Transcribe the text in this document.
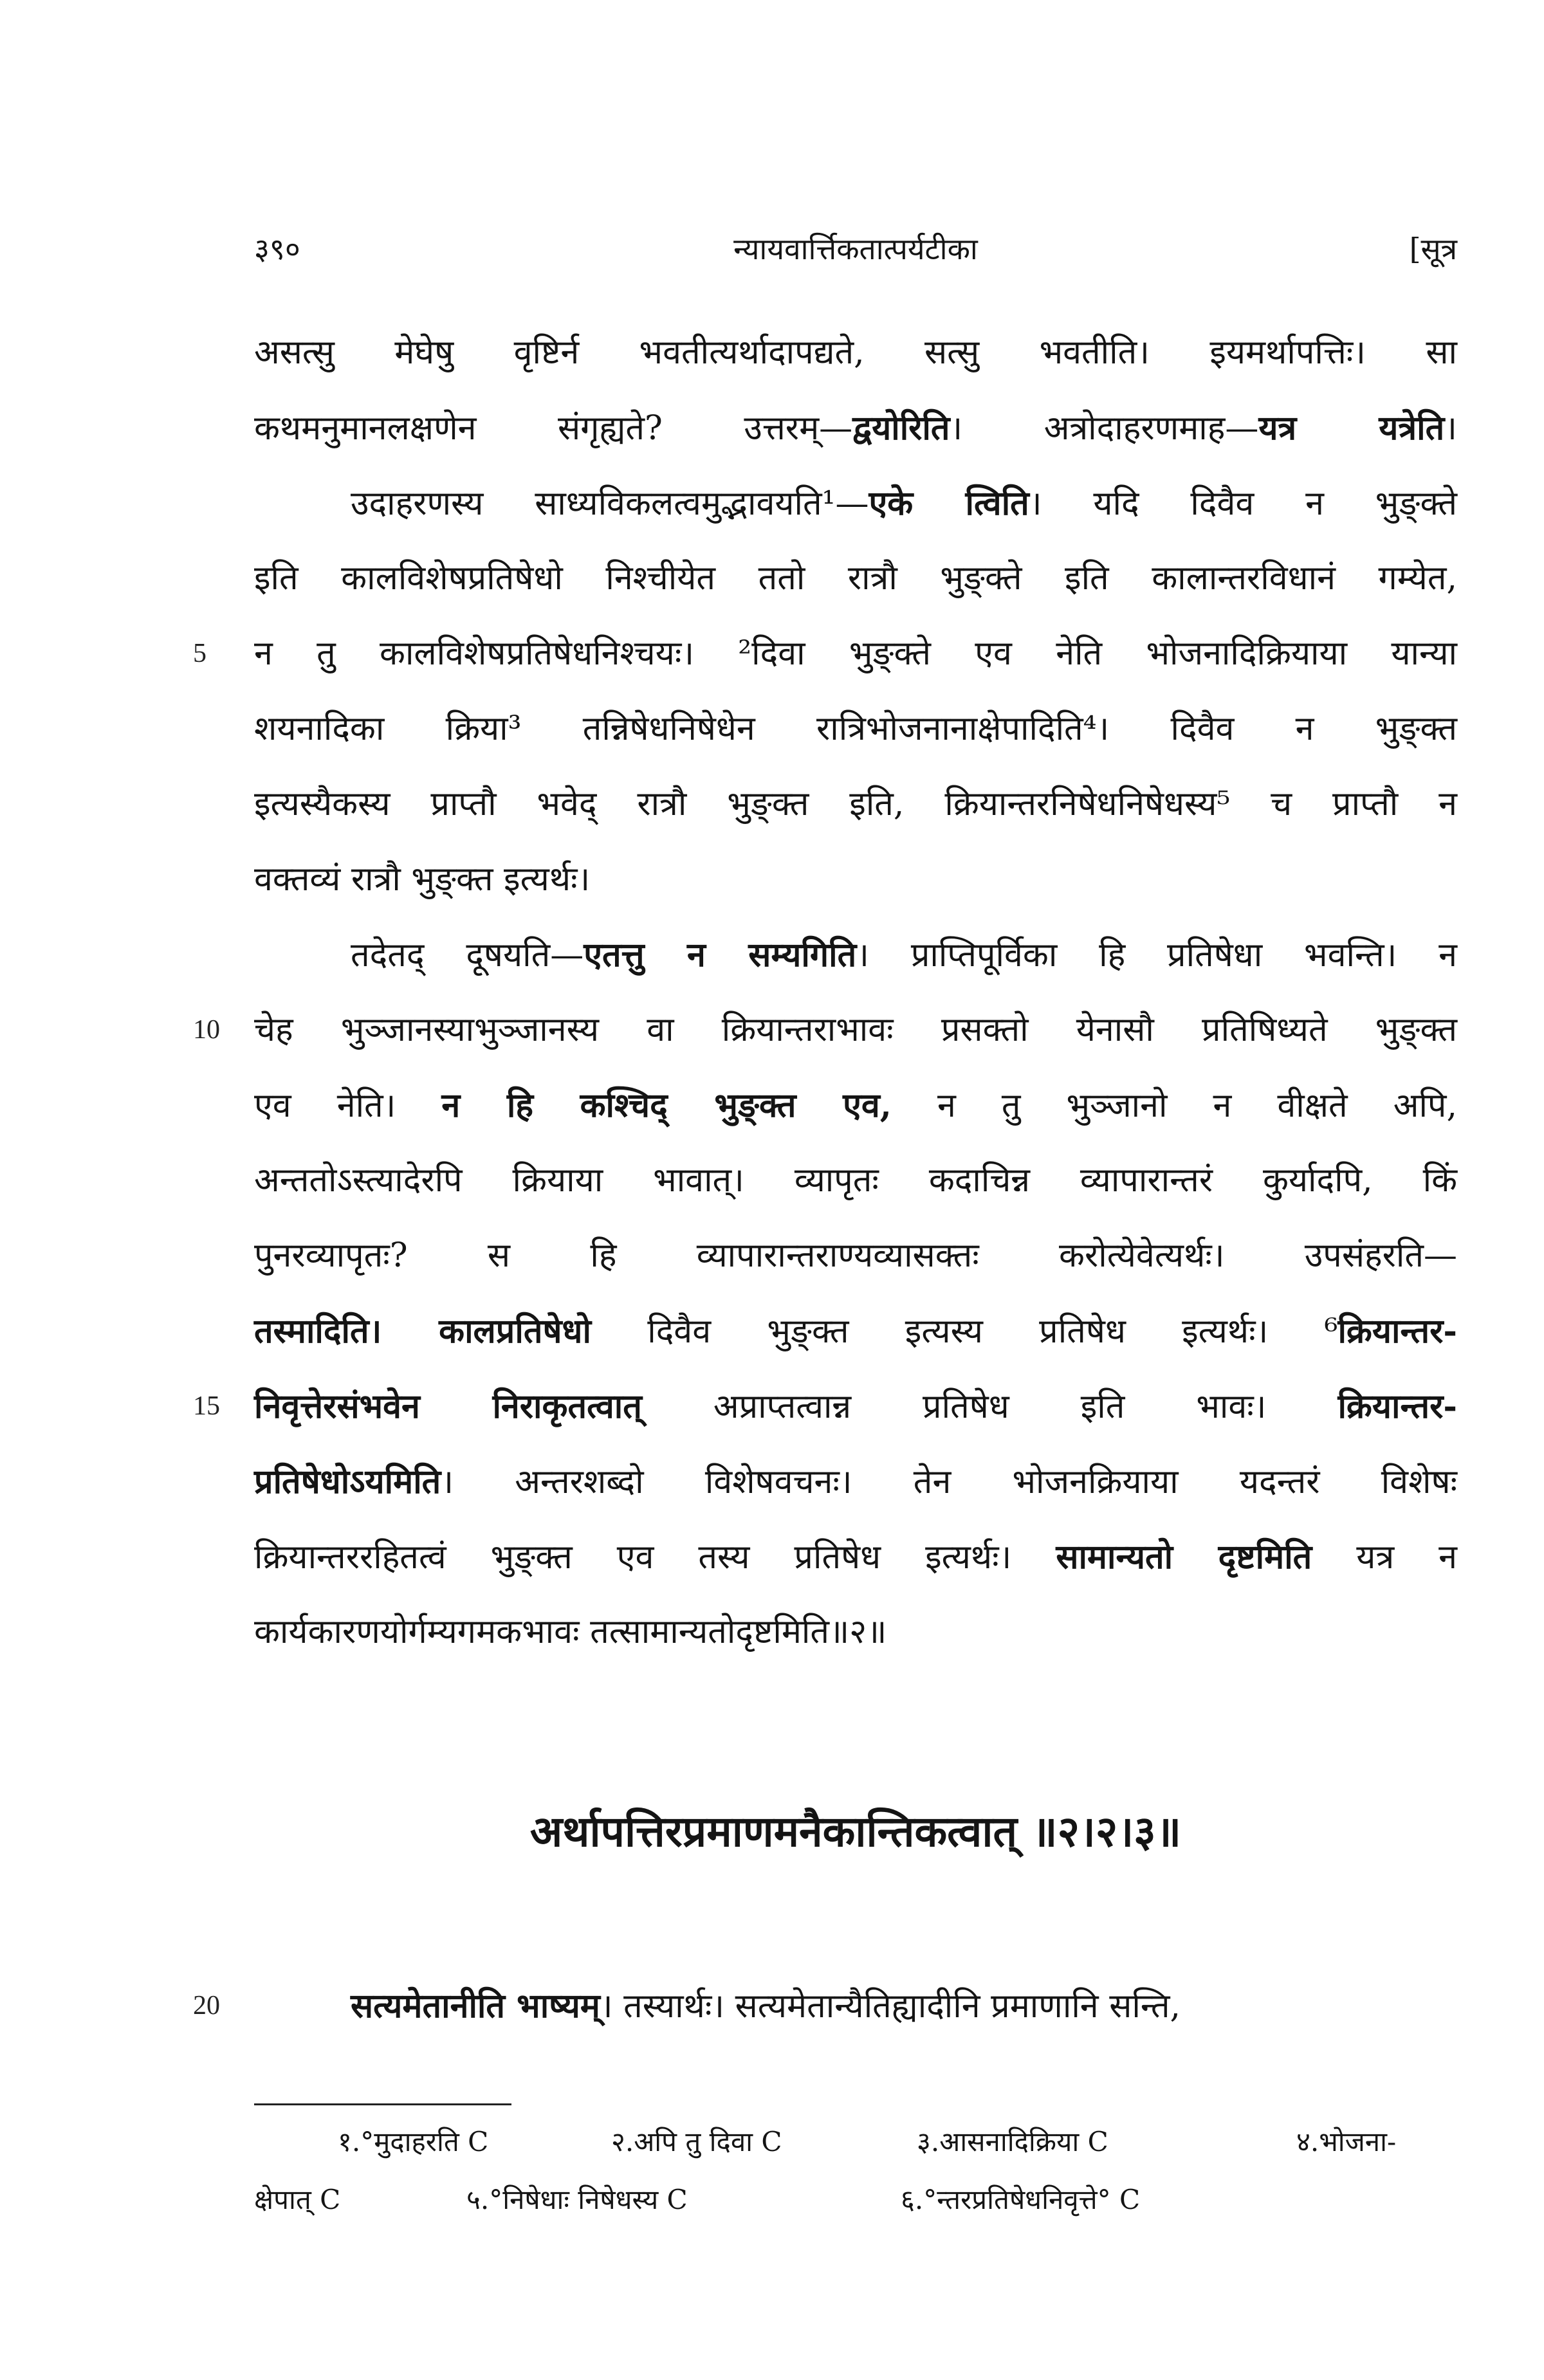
३९०	न्यायवार्त्तिकतात्पर्यटीका	[सूत्र
असत्सु मेघेषु वृष्टिर्न भवतीत्यर्थादापद्यते, सत्सु भवतीति। इयमर्थापत्तिः। सा
कथमनुमानलक्षणेन संगृह्यते? उत्तरम्—द्वयोरिति। अत्रोदाहरणमाह—यत्र यत्रेति।
उदाहरणस्य साध्यविकलत्वमुद्भावयति¹—एके त्विति। यदि दिवैव न भुङ्क्ते
इति कालविशेषप्रतिषेधो निश्चीयेत ततो रात्रौ भुङ्क्ते इति कालान्तरविधानं गम्येत,
5	न तु कालविशेषप्रतिषेधनिश्चयः। ²दिवा भुङ्क्ते एव नेति भोजनादिक्रियाया यान्या
शयनादिका क्रिया³ तन्निषेधनिषेधेन रात्रिभोजनानाक्षेपादिति⁴। दिवैव न भुङ्क्त
इत्यस्यैकस्य प्राप्तौ भवेद् रात्रौ भुङ्क्त इति, क्रियान्तरनिषेधनिषेधस्य⁵ च प्राप्तौ न
वक्तव्यं रात्रौ भुङ्क्त इत्यर्थः।
तदेतद् दूषयति—एतत्तु न सम्यगिति। प्राप्तिपूर्विका हि प्रतिषेधा भवन्ति। न
10	चेह भुञ्जानस्याभुञ्जानस्य वा क्रियान्तराभावः प्रसक्तो येनासौ प्रतिषिध्यते भुङ्क्त
एव नेति। न हि कश्चिद् भुङ्क्त एव, न तु भुञ्जानो न वीक्षते अपि,
अन्ततोऽस्त्यादेरपि क्रियाया भावात्। व्यापृतः कदाचिन्न व्यापारान्तरं कुर्यादपि, किं
पुनरव्यापृतः? स हि व्यापारान्तराण्यव्यासक्तः करोत्येवेत्यर्थः। उपसंहरति—
तस्मादिति। कालप्रतिषेधो दिवैव भुङ्क्त इत्यस्य प्रतिषेध इत्यर्थः। ⁶क्रियान्तर-
15	निवृत्तेरसंभवेन निराकृतत्वात् अप्राप्तत्वान्न प्रतिषेध इति भावः। क्रियान्तर-
प्रतिषेधोऽयमिति। अन्तरशब्दो विशेषवचनः। तेन भोजनक्रियाया यदन्तरं विशेषः
क्रियान्तररहितत्वं भुङ्क्त एव तस्य प्रतिषेध इत्यर्थः। सामान्यतो दृष्टमिति यत्र न
कार्यकारणयोर्गम्यगमकभावः तत्सामान्यतोदृष्टमिति॥२॥
अर्थापत्तिरप्रमाणमनैकान्तिकत्वात् ॥२।२।३॥
20	सत्यमेतानीति भाष्यम्। तस्यार्थः। सत्यमेतान्यैतिह्यादीनि प्रमाणानि सन्ति,
१.°मुदाहरति C	२.अपि तु दिवा C	३.आसनादिक्रिया C	४.भोजना-
क्षेपात् C	५.°निषेधाः निषेधस्य C	६.°न्तरप्रतिषेधनिवृत्ते° C
